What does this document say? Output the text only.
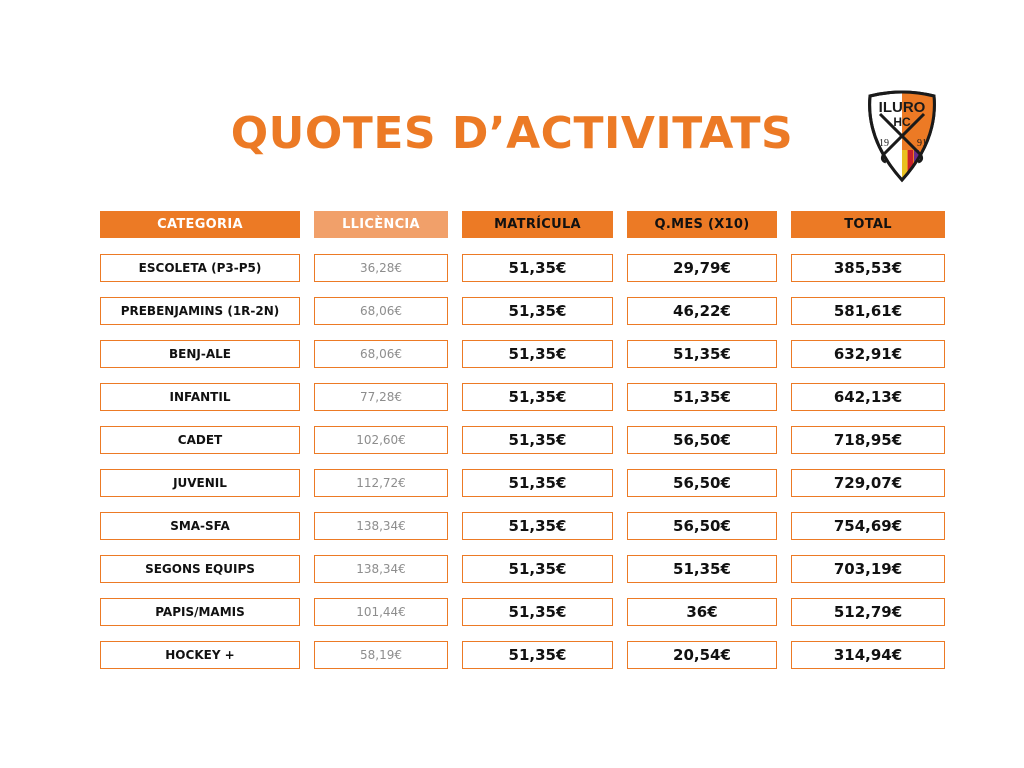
QUOTES D’ACTIVITATS
ILURO
HC
19	91
CATEGORIA	LLICÈNCIA	MATRÍCULA	Q.MES (X10)	TOTAL
ESCOLETA (P3-P5)	36,28€	51,35€	29,79€	385,53€
PREBENJAMINS (1R-2N)	68,06€	51,35€	46,22€	581,61€
BENJ-ALE	68,06€	51,35€	51,35€	632,91€
INFANTIL	77,28€	51,35€	51,35€	642,13€
CADET	102,60€	51,35€	56,50€	718,95€
JUVENIL	112,72€	51,35€	56,50€	729,07€
SMA-SFA	138,34€	51,35€	56,50€	754,69€
SEGONS EQUIPS	138,34€	51,35€	51,35€	703,19€
PAPIS/MAMIS	101,44€	51,35€	36€	512,79€
HOCKEY +	58,19€	51,35€	20,54€	314,94€
